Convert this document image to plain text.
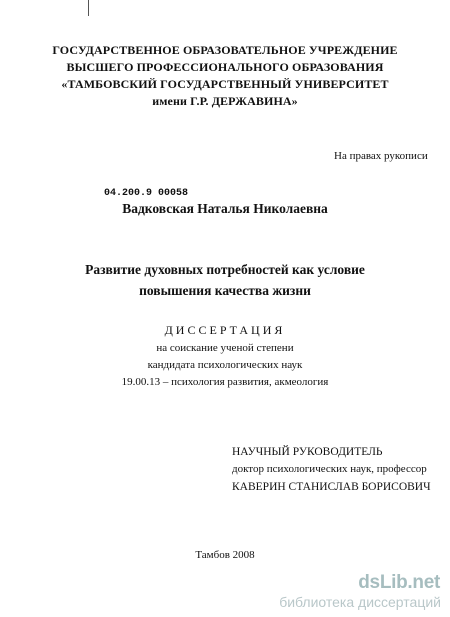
ГОСУДАРСТВЕННОЕ ОБРАЗОВАТЕЛЬНОЕ УЧРЕЖДЕНИЕ
ВЫСШЕГО ПРОФЕССИОНАЛЬНОГО ОБРАЗОВАНИЯ
«ТАМБОВСКИЙ ГОСУДАРСТВЕННЫЙ УНИВЕРСИТЕТ
имени Г.Р. ДЕРЖАВИНА»
На правах рукописи
04.200.9 00058
Вадковская Наталья Николаевна
Развитие духовных потребностей как условие
повышения качества жизни
ДИССЕРТАЦИЯ
на соискание ученой степени
кандидата психологических наук
19.00.13 – психология развития, акмеология
НАУЧНЫЙ РУКОВОДИТЕЛЬ
доктор психологических наук, профессор
КАВЕРИН СТАНИСЛАВ БОРИСОВИЧ
Тамбов 2008
dsLib.net
библиотека диссертаций
